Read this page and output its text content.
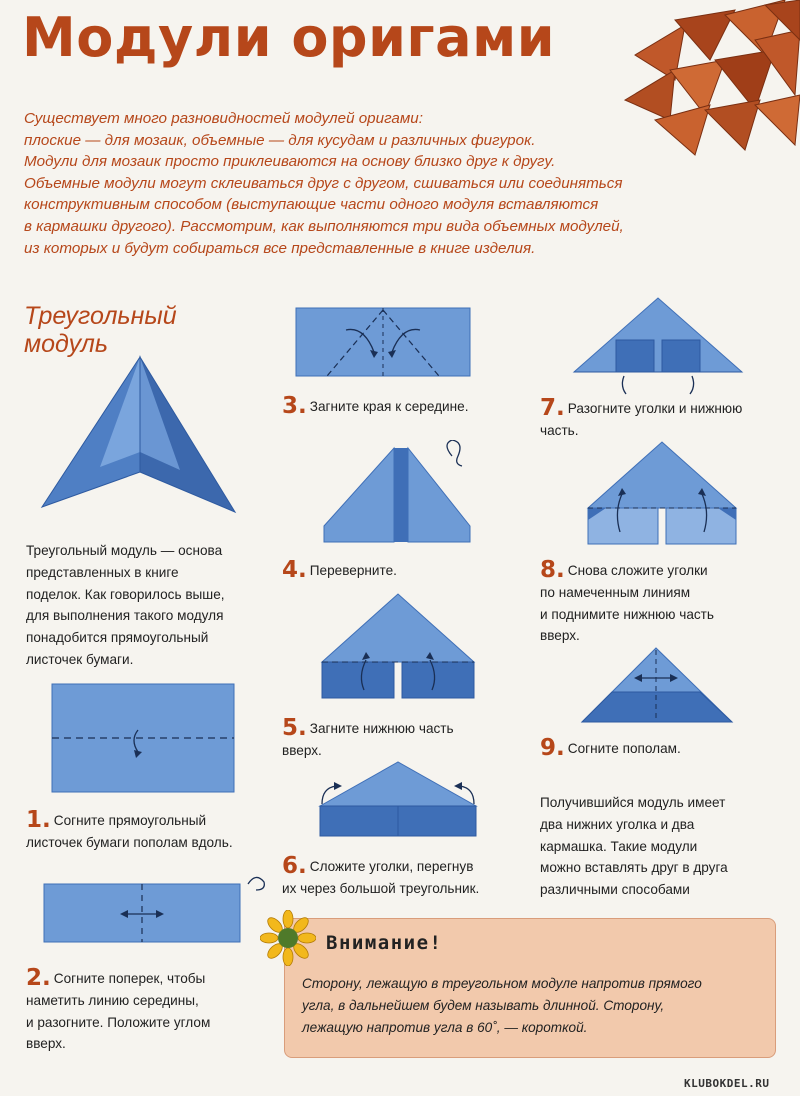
Модули оригами
Существует много разновидностей модулей оригами:
плоские — для мозаик, объемные — для кусудам и различных фигурок.
Модули для мозаик просто приклеиваются на основу близко друг к другу.
Объемные модули могут склеиваться друг с другом, сшиваться или соединяться
конструктивным способом (выступающие части одного модуля вставляются
в кармашки другого). Рассмотрим, как выполняются три вида объемных модулей,
из которых и будут собираться все представленные в книге изделия.
Треугольный
модуль
Треугольный модуль — основа
представленных в книге
поделок. Как говорилось выше,
для выполнения такого модуля
понадобится прямоугольный
листочек бумаги.
1. Согните прямоугольный
листочек бумаги пополам вдоль.
2. Согните поперек, чтобы
наметить линию середины,
и разогните. Положите углом
вверх.
3. Загните края к середине.
4. Переверните.
5. Загните нижнюю часть
вверх.
6. Сложите уголки, перегнув
их через большой треугольник.
7. Разогните уголки и нижнюю
часть.
8. Снова сложите уголки
по намеченным линиям
и поднимите нижнюю часть
вверх.
9. Согните пополам.
Получившийся модуль имеет
два нижних уголка и два
кармашка. Такие модули
можно вставлять друг в друга
различными способами
Внимание!
Сторону, лежащую в треугольном модуле напротив прямого
угла, в дальнейшем будем называть длинной. Сторону,
лежащую напротив угла в 60˚, — короткой.
KLUBOKDEL.RU
